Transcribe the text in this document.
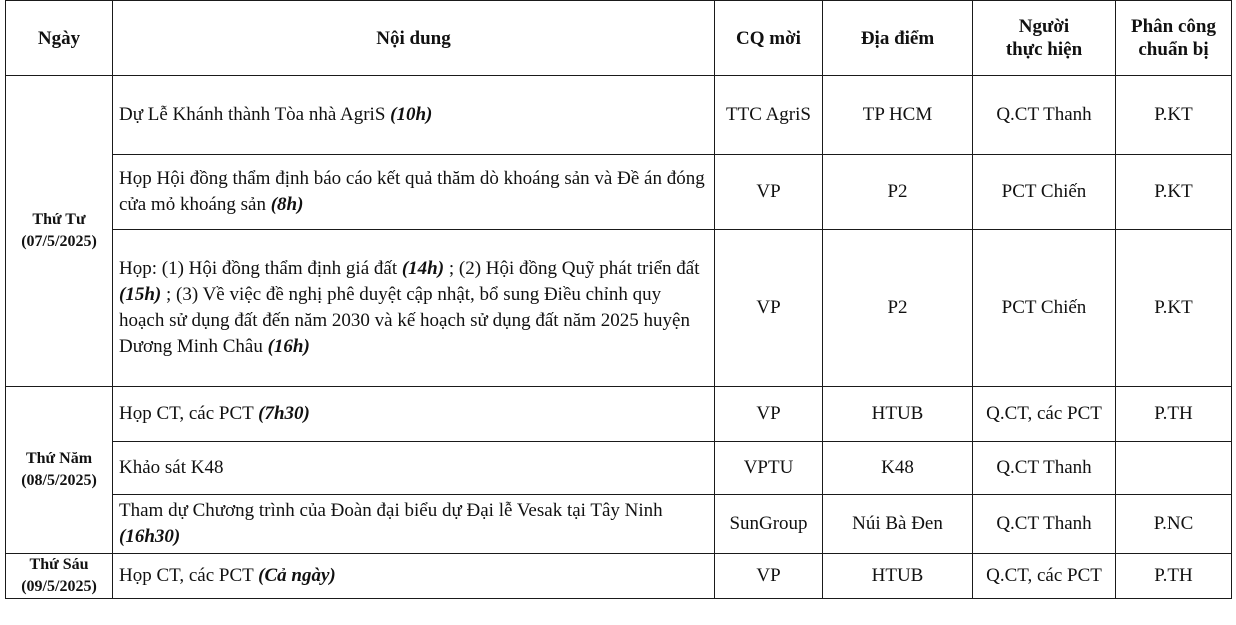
Ngày	Nội dung	CQ mời	Địa điểm	Người
thực hiện	Phân công
chuẩn bị

Thứ Tư
(07/5/2025)	Dự Lễ Khánh thành Tòa nhà AgriS (10h)	TTC AgriS	TP HCM	Q.CT Thanh	P.KT
	Họp Hội đồng thẩm định báo cáo kết quả thăm dò khoáng sản và Đề án đóng cửa mỏ khoáng sản (8h)	VP	P2	PCT Chiến	P.KT
	Họp: (1) Hội đồng thẩm định giá đất (14h) ; (2) Hội đồng Quỹ phát triển đất (15h) ; (3) Về việc đề nghị phê duyệt cập nhật, bổ sung Điều chỉnh quy hoạch sử dụng đất đến năm 2030 và kế hoạch sử dụng đất năm 2025 huyện Dương Minh Châu (16h)	VP	P2	PCT Chiến	P.KT

Thứ Năm
(08/5/2025)	Họp CT, các PCT (7h30)	VP	HTUB	Q.CT, các PCT	P.TH
	Khảo sát K48	VPTU	K48	Q.CT Thanh	
	Tham dự Chương trình của Đoàn đại biểu dự Đại lễ Vesak tại Tây Ninh (16h30)	SunGroup	Núi Bà Đen	Q.CT Thanh	P.NC

Thứ Sáu
(09/5/2025)	Họp CT, các PCT (Cả ngày)	VP	HTUB	Q.CT, các PCT	P.TH
